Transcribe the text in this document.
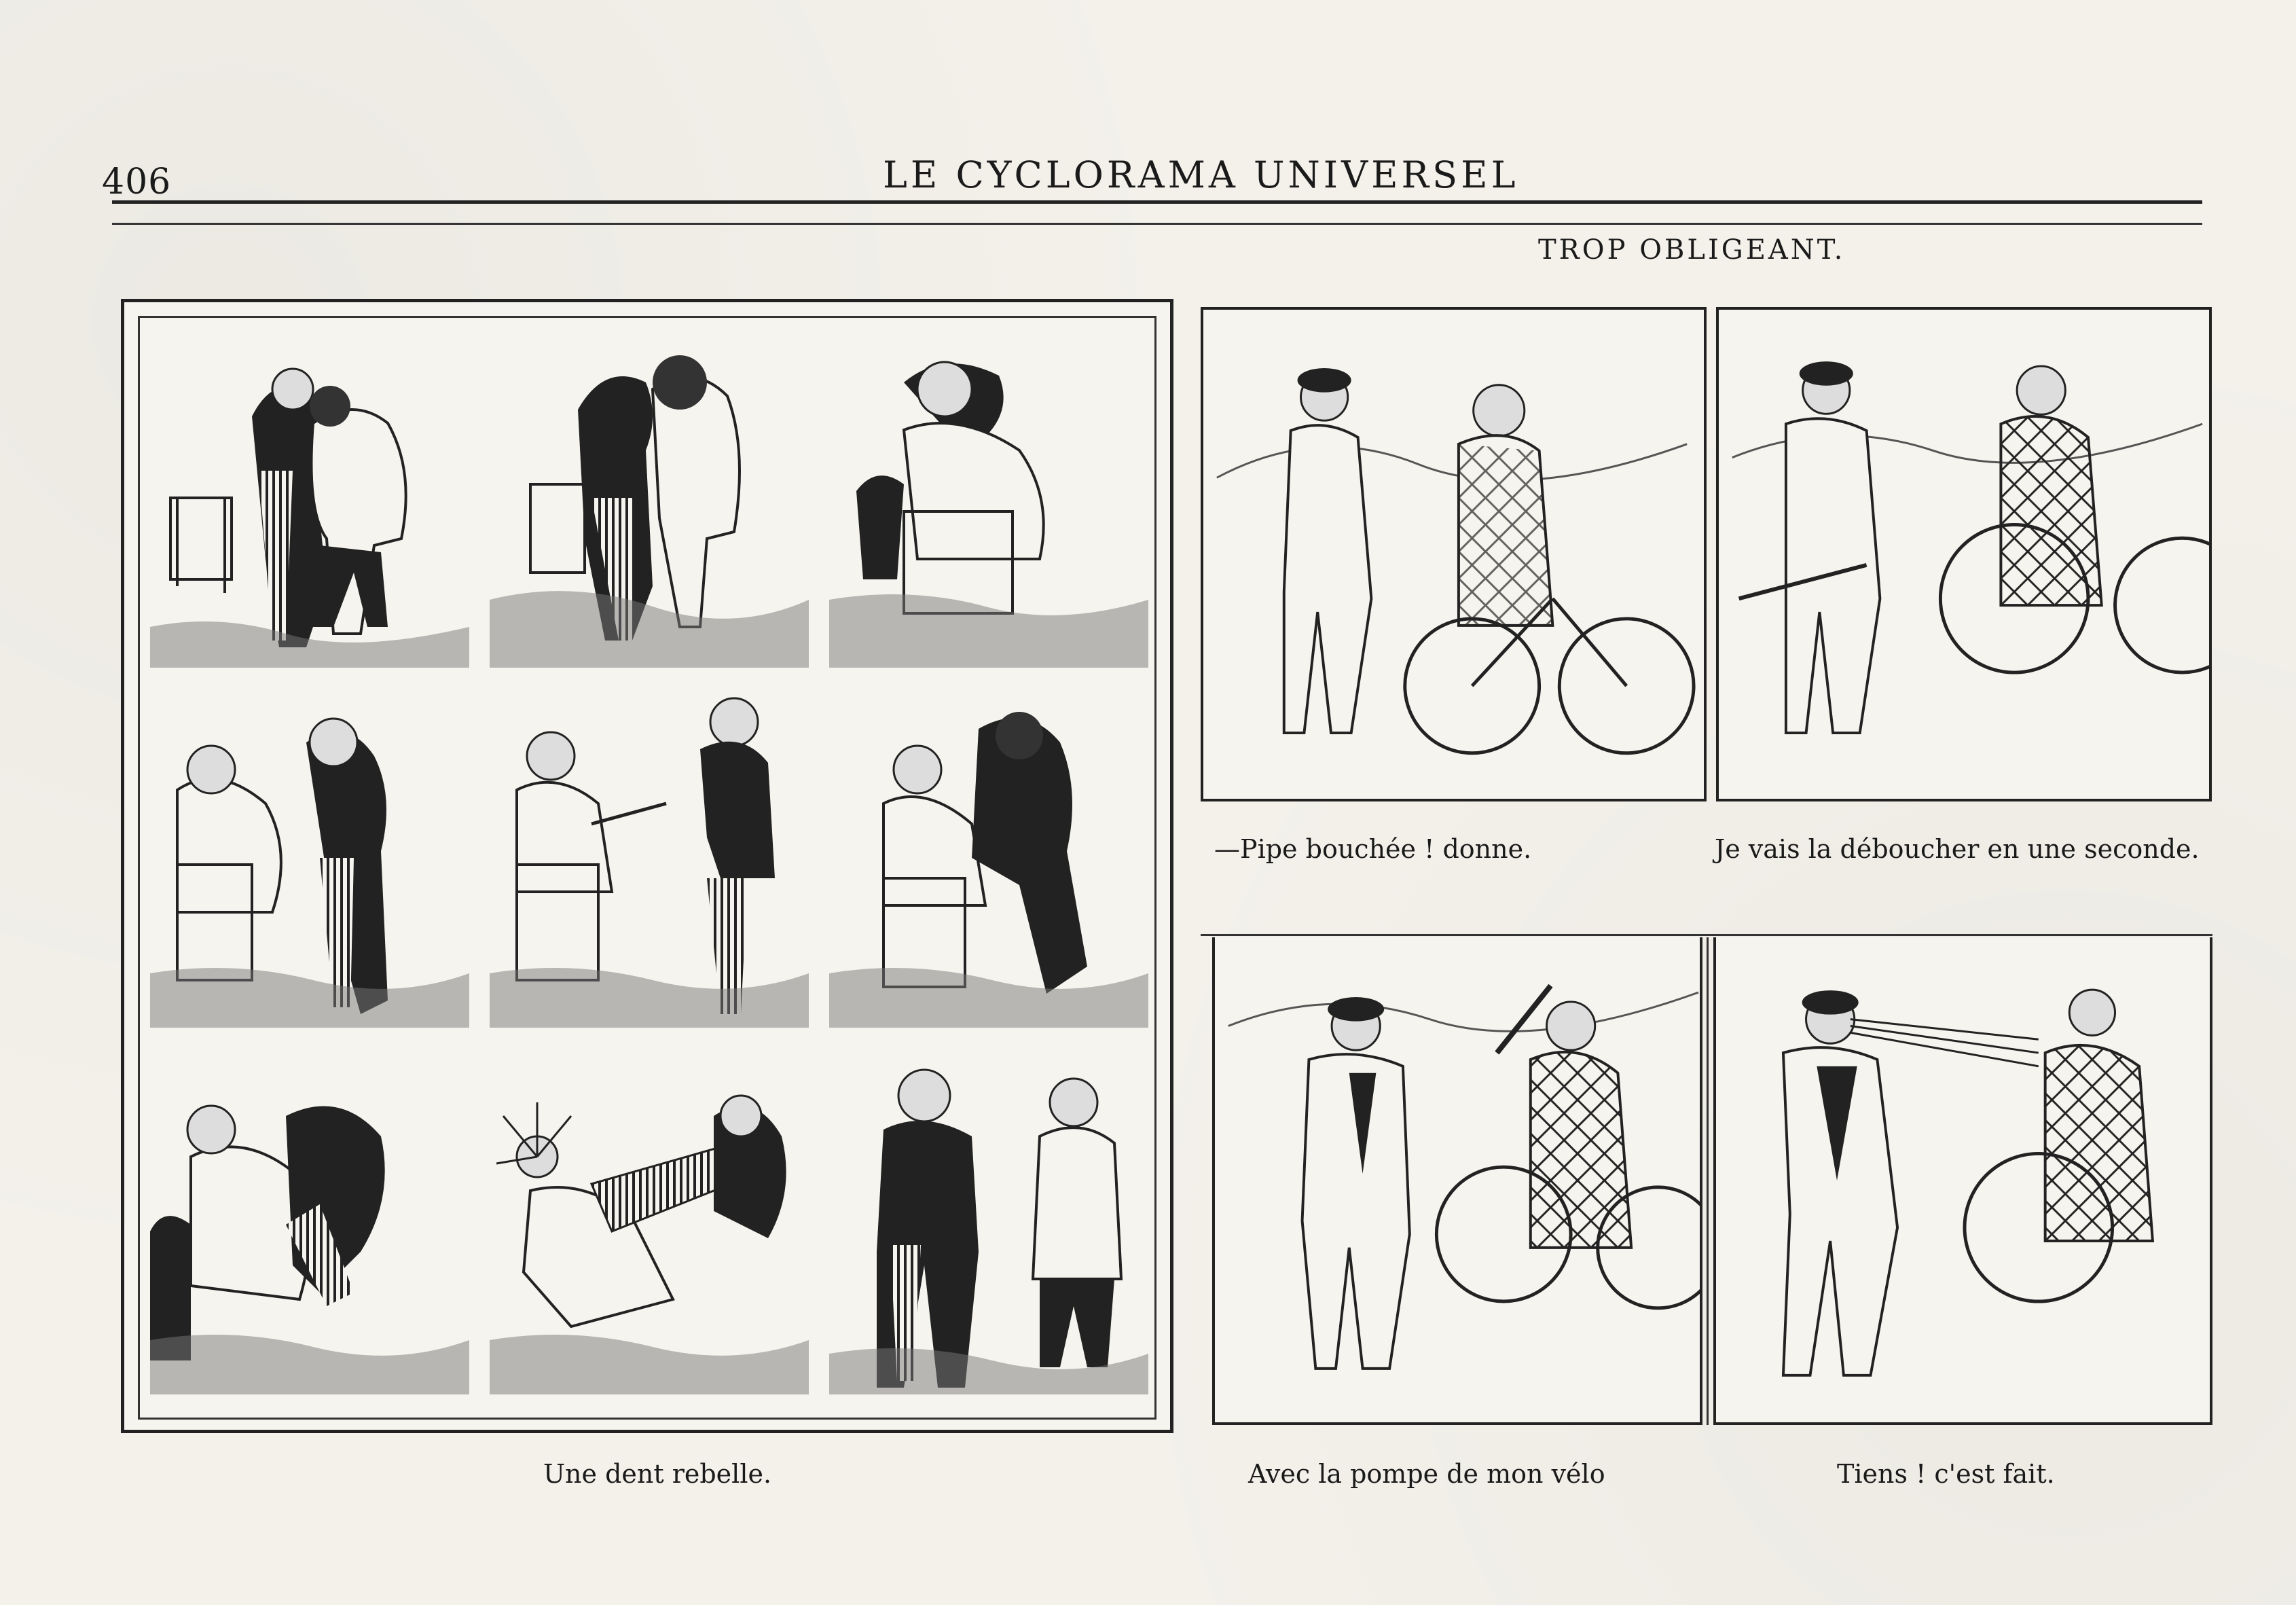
406	LE CYCLORAMA UNIVERSEL
TROP OBLIGEANT.
Une dent rebelle.
—Pipe bouchée ! donne.	Je vais la déboucher en une seconde.
Avec la pompe de mon vélo	Tiens ! c'est fait.
